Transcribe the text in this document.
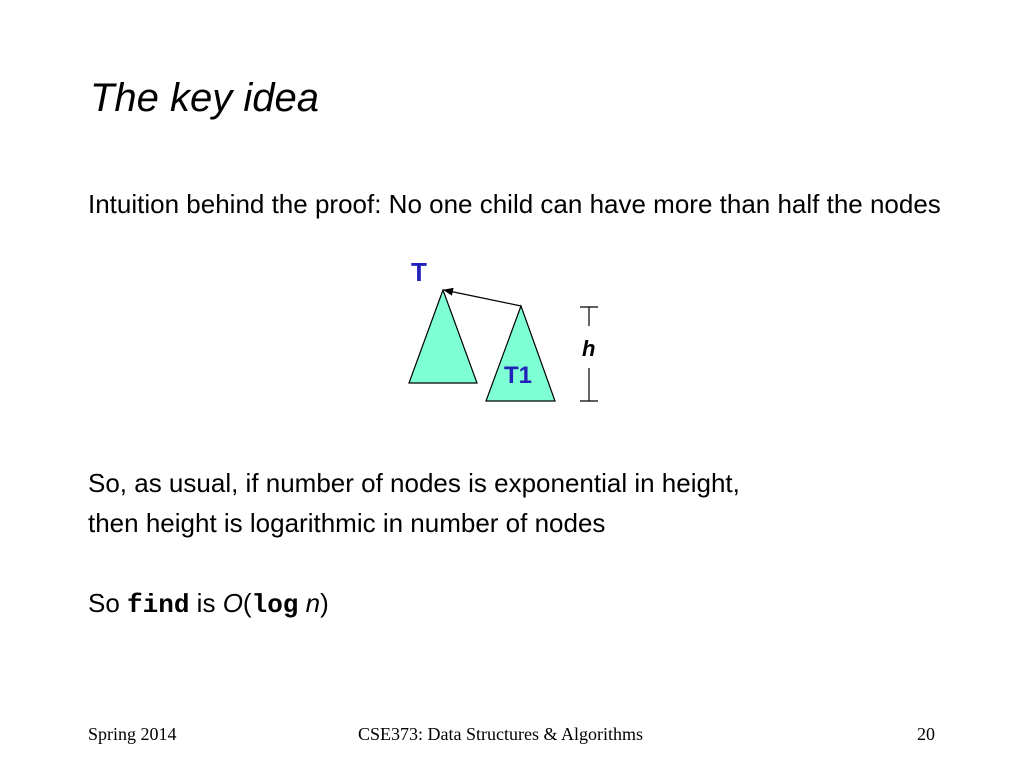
The key idea
Intuition behind the proof: No one child can have more than half the nodes
T
T1
h
So, as usual, if number of nodes is exponential in height,
then height is logarithmic in number of nodes
So find is O(log n)
Spring 2014	CSE373: Data Structures & Algorithms	20
